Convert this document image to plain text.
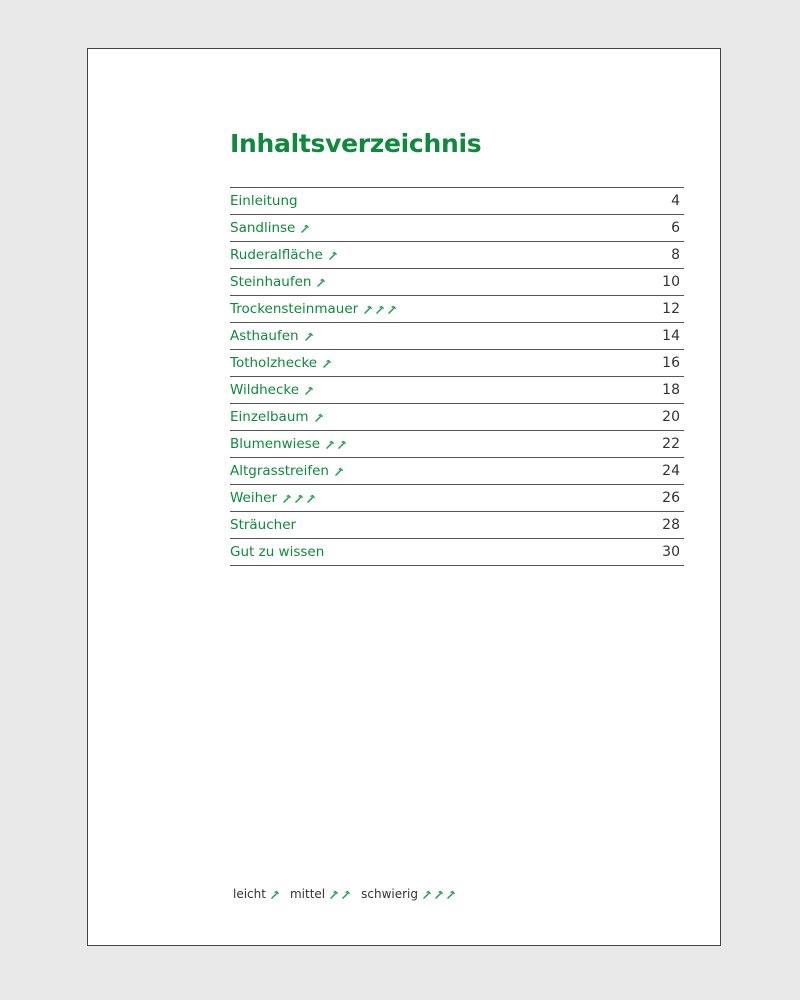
Inhaltsverzeichnis
Einleitung	4
Sandlinse	6
Ruderalfläche	8
Steinhaufen	10
Trockensteinmauer	12
Asthaufen	14
Totholzhecke	16
Wildhecke	18
Einzelbaum	20
Blumenwiese	22
Altgrasstreifen	24
Weiher	26
Sträucher	28
Gut zu wissen	30
leicht mittel	schwierig
